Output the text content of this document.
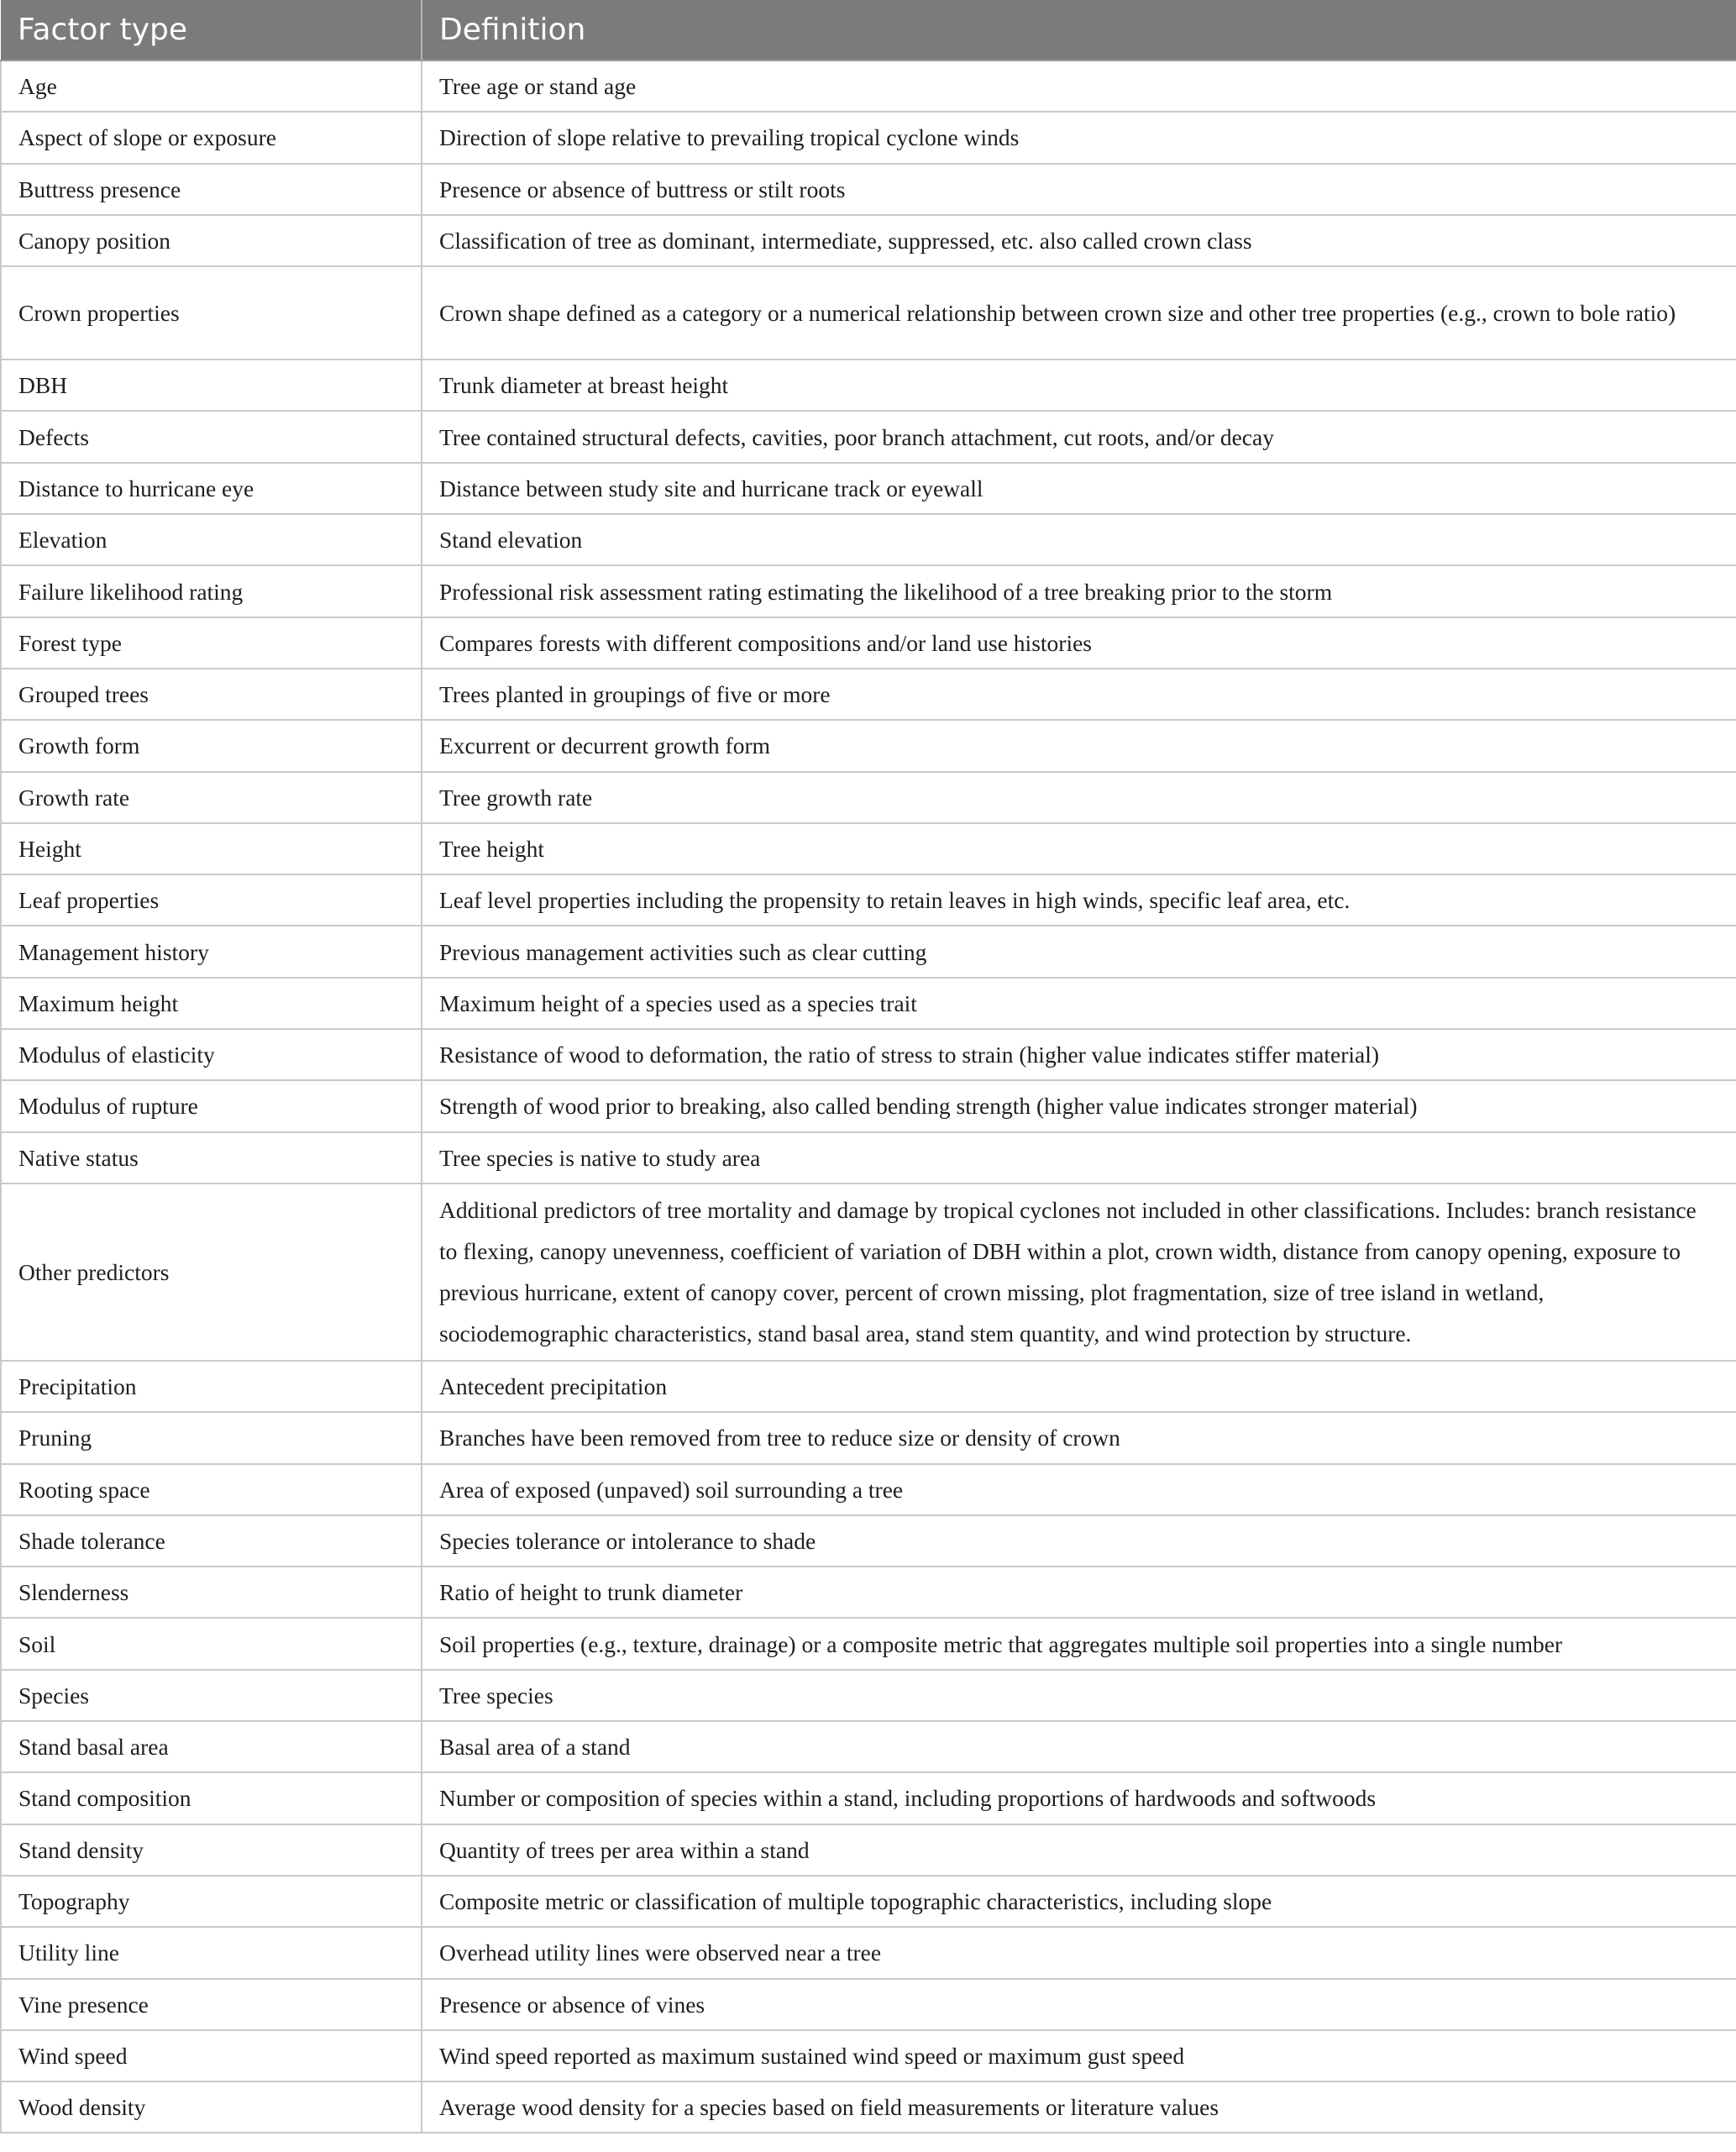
Factor type	Definition
Age	Tree age or stand age
Aspect of slope or exposure	Direction of slope relative to prevailing tropical cyclone winds
Buttress presence	Presence or absence of buttress or stilt roots
Canopy position	Classification of tree as dominant, intermediate, suppressed, etc. also called crown class
Crown properties	Crown shape defined as a category or a numerical relationship between crown size and other tree properties (e.g., crown to bole ratio)
DBH	Trunk diameter at breast height
Defects	Tree contained structural defects, cavities, poor branch attachment, cut roots, and/or decay
Distance to hurricane eye	Distance between study site and hurricane track or eyewall
Elevation	Stand elevation
Failure likelihood rating	Professional risk assessment rating estimating the likelihood of a tree breaking prior to the storm
Forest type	Compares forests with different compositions and/or land use histories
Grouped trees	Trees planted in groupings of five or more
Growth form	Excurrent or decurrent growth form
Growth rate	Tree growth rate
Height	Tree height
Leaf properties	Leaf level properties including the propensity to retain leaves in high winds, specific leaf area, etc.
Management history	Previous management activities such as clear cutting
Maximum height	Maximum height of a species used as a species trait
Modulus of elasticity	Resistance of wood to deformation, the ratio of stress to strain (higher value indicates stiffer material)
Modulus of rupture	Strength of wood prior to breaking, also called bending strength (higher value indicates stronger material)
Native status	Tree species is native to study area
Other predictors	Additional predictors of tree mortality and damage by tropical cyclones not included in other classifications. Includes: branch resistance to flexing, canopy unevenness, coefficient of variation of DBH within a plot, crown width, distance from canopy opening, exposure to previous hurricane, extent of canopy cover, percent of crown missing, plot fragmentation, size of tree island in wetland, sociodemographic characteristics, stand basal area, stand stem quantity, and wind protection by structure.
Precipitation	Antecedent precipitation
Pruning	Branches have been removed from tree to reduce size or density of crown
Rooting space	Area of exposed (unpaved) soil surrounding a tree
Shade tolerance	Species tolerance or intolerance to shade
Slenderness	Ratio of height to trunk diameter
Soil	Soil properties (e.g., texture, drainage) or a composite metric that aggregates multiple soil properties into a single number
Species	Tree species
Stand basal area	Basal area of a stand
Stand composition	Number or composition of species within a stand, including proportions of hardwoods and softwoods
Stand density	Quantity of trees per area within a stand
Topography	Composite metric or classification of multiple topographic characteristics, including slope
Utility line	Overhead utility lines were observed near a tree
Vine presence	Presence or absence of vines
Wind speed	Wind speed reported as maximum sustained wind speed or maximum gust speed
Wood density	Average wood density for a species based on field measurements or literature values
